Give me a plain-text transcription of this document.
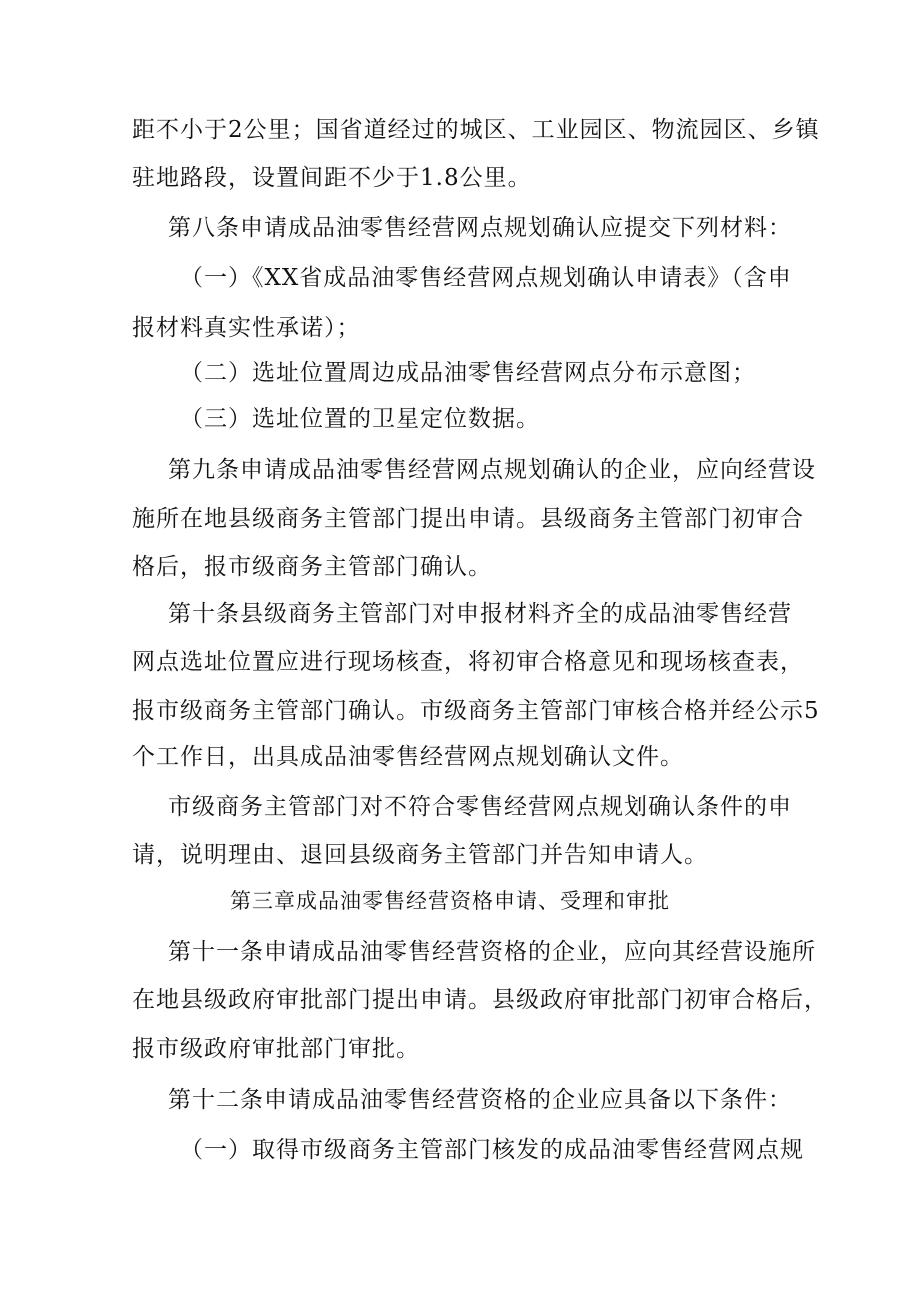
距不小于2公里；国省道经过的城区、工业园区、物流园区、乡镇
驻地路段，设置间距不少于1.8公里。
第八条申请成品油零售经营网点规划确认应提交下列材料：
（一）《XX省成品油零售经营网点规划确认申请表》（含申
报材料真实性承诺）；
（二）选址位置周边成品油零售经营网点分布示意图；
（三）选址位置的卫星定位数据。
第九条申请成品油零售经营网点规划确认的企业，应向经营设
施所在地县级商务主管部门提出申请。县级商务主管部门初审合
格后，报市级商务主管部门确认。
第十条县级商务主管部门对申报材料齐全的成品油零售经营
网点选址位置应进行现场核查，将初审合格意见和现场核查表，
报市级商务主管部门确认。市级商务主管部门审核合格并经公示5
个工作日，出具成品油零售经营网点规划确认文件。
市级商务主管部门对不符合零售经营网点规划确认条件的申
请，说明理由、退回县级商务主管部门并告知申请人。
第三章成品油零售经营资格申请、受理和审批
第十一条申请成品油零售经营资格的企业，应向其经营设施所
在地县级政府审批部门提出申请。县级政府审批部门初审合格后，
报市级政府审批部门审批。
第十二条申请成品油零售经营资格的企业应具备以下条件：
（一）取得市级商务主管部门核发的成品油零售经营网点规
